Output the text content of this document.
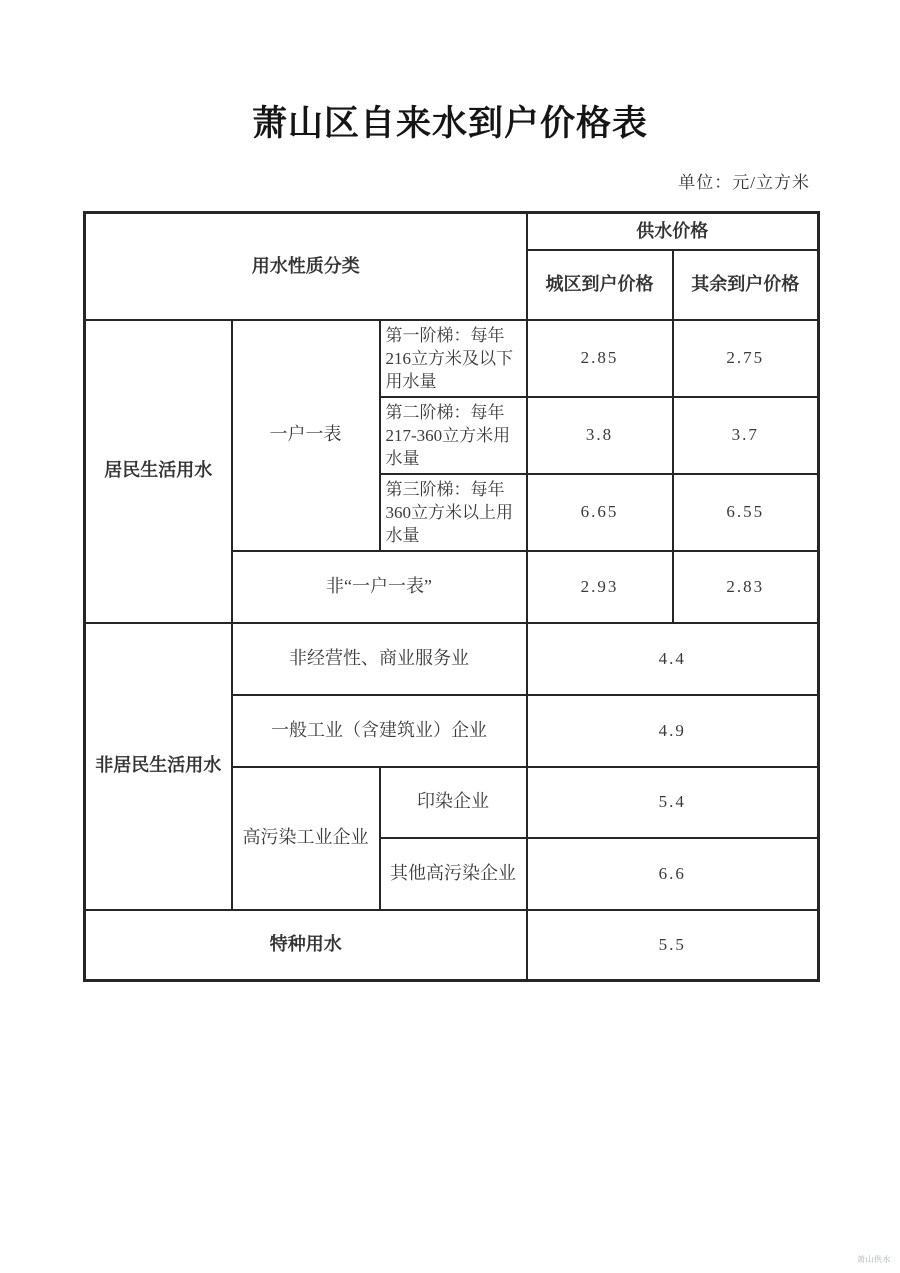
萧山区自来水到户价格表
单位：元/立方米
用水性质分类			供水价格	
			城区到户价格	其余到户价格
居民生活用水	一户一表	第一阶梯：每年216立方米及以下用水量	2.85	2.75
		第二阶梯：每年217-360立方米用水量	3.8	3.7
		第三阶梯：每年360立方米以上用水量	6.65	6.55
	非“一户一表”		2.93	2.83
非居民生活用水	非经营性、商业服务业		4.4	
	一般工业（含建筑业）企业		4.9	
	高污染工业企业	印染企业	5.4	
		其他高污染企业	6.6	
特种用水			5.5	
萧山供水
